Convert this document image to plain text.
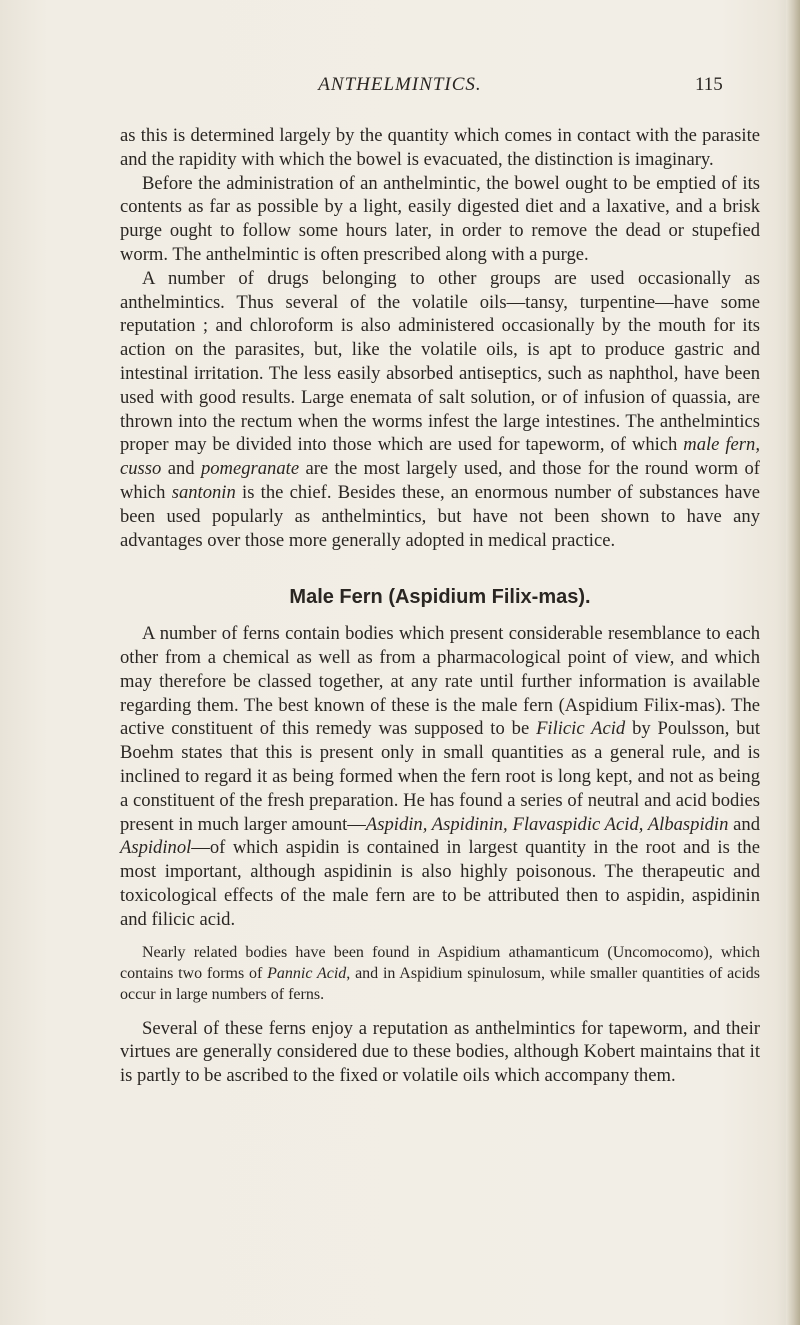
ANTHELMINTICS.	115

as this is determined largely by the quantity which comes in contact with the parasite and the rapidity with which the bowel is evacuated, the distinction is imaginary.

Before the administration of an anthelmintic, the bowel ought to be emptied of its contents as far as possible by a light, easily digested diet and a laxative, and a brisk purge ought to follow some hours later, in order to remove the dead or stupefied worm. The anthelmintic is often prescribed along with a purge.

A number of drugs belonging to other groups are used occasionally as anthelmintics. Thus several of the volatile oils—tansy, turpentine—have some reputation ; and chloroform is also administered occasionally by the mouth for its action on the parasites, but, like the volatile oils, is apt to produce gastric and intestinal irritation. The less easily absorbed antiseptics, such as naphthol, have been used with good results. Large enemata of salt solution, or of infusion of quassia, are thrown into the rectum when the worms infest the large intestines. The anthelmintics proper may be divided into those which are used for tapeworm, of which male fern, cusso and pomegranate are the most largely used, and those for the round worm of which santonin is the chief. Besides these, an enormous number of substances have been used popularly as anthelmintics, but have not been shown to have any advantages over those more generally adopted in medical practice.

Male Fern (Aspidium Filix-mas).

A number of ferns contain bodies which present considerable resemblance to each other from a chemical as well as from a pharmacological point of view, and which may therefore be classed together, at any rate until further information is available regarding them. The best known of these is the male fern (Aspidium Filix-mas). The active constituent of this remedy was supposed to be Filicic Acid by Poulsson, but Boehm states that this is present only in small quantities as a general rule, and is inclined to regard it as being formed when the fern root is long kept, and not as being a constituent of the fresh preparation. He has found a series of neutral and acid bodies present in much larger amount—Aspidin, Aspidinin, Flavaspidic Acid, Albaspidin and Aspidinol—of which aspidin is contained in largest quantity in the root and is the most important, although aspidinin is also highly poisonous. The therapeutic and toxicological effects of the male fern are to be attributed then to aspidin, aspidinin and filicic acid.

Nearly related bodies have been found in Aspidium athamanticum (Uncomocomo), which contains two forms of Pannic Acid, and in Aspidium spinulosum, while smaller quantities of acids occur in large numbers of ferns.

Several of these ferns enjoy a reputation as anthelmintics for tapeworm, and their virtues are generally considered due to these bodies, although Kobert maintains that it is partly to be ascribed to the fixed or volatile oils which accompany them.
